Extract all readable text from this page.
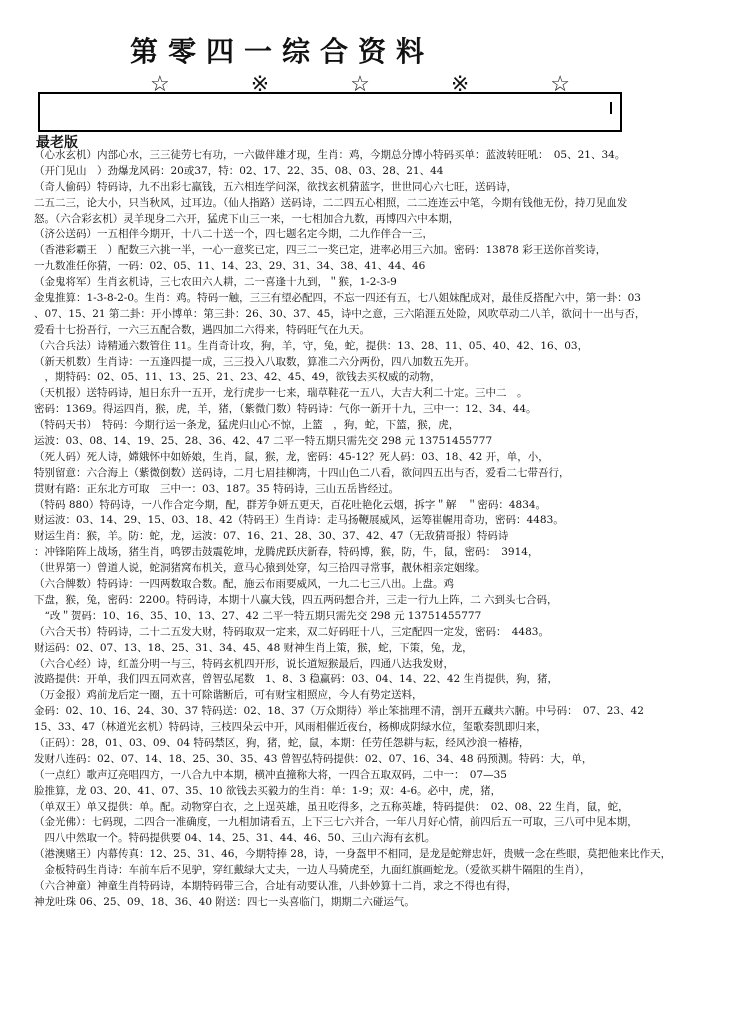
第零四一综合资料
☆	※	☆	※	☆
最老版
（心水玄机）内部心水，三三徒劳七有功，一六做伴雄才现，生肖：鸡，今期总分博小特码买单：蓝波转旺吼：　05、21、34。
（开门见山　）劲爆龙风码：20或37，特：02、17、22、35、08、03、28、21、44
（奇人偷码）特码诗，九不出彩七羸钱，五六相连学问深，欲找玄机猜蓝字，世世同心六七旺，送码诗，
二五二三，论大小，只当秋风，过耳边。（仙人指路）送码诗，二二四五心相照，二二连连云中笔，今期有钱他无份，持刀见血发
怒。（六合彩玄机）灵羊现身二六开，猛虎下山三一来，一七相加合九数，再博四六中本期，
（济公送码）一五相伴今期开，十八二十送一个，四七题名定今期，二九作伴合一三，
（香港彩霸王　）配数三六挑一半，一心一意奖已定，四三二一奖已定，进率必用三六加。密码：13878 彩王送你首奖诗，
一九数准任你猜，一码：02、05、11、14、23、29、31、34、38、41、44、46
（金鬼将军）生肖玄机诗，三七农田六人耕，二一喜逢十九到，＂猴，1-2-3-9
金鬼推算：1-3-8-2-0。生肖：鸡。特码一触，三三有望必配四，不忘一四还有五，七八姐妹配成对，最佳反搭配六中，第一卦：03
、07、15、21 第二卦：开小博单：第三卦：26、30、37、45，诗中之意，三六陷涯五处险，风吹草动二八羊，欲问十一出与否，
爱看十七扮吾行，一六三五配合数，遇四加二六得来，特码旺气在九天。
（六合兵法）诗精通六数管住 11。生肖奇计攻，狗，羊，守，兔，蛇，提供：13、28、11、05、40、42、16、03，
（新天机数）生肖诗：一五逢四提一成，三三投入八取数，算准二六分两份，四八加数五先开。
　，期特码：02、05、11、13、25、21、23、42、45、49，欲钱去买权威的动物，
（天机报）送特码诗，旭日东升一五开，龙行虎步一七来，瑞草鞋花一五八，大吉大利二十定。三中二　。
密码：1369。得运四肖，猴，虎，羊，猪，（紫微门数）特码诗：气你一新开十九，三中一：12、34、44。
（特码天书）　特码：今期行运一条龙，猛虎归山心不惊，上篮　，狗，蛇，下篮，猴，虎，
运波：03、08、14、19、25、28、36、42、47 二平一特五期只需先交 298 元 13751455777
（死人码）死人诗，嫦娥怀中如娇娘，生肖，鼠，猴，龙，密码：45-12？死人码：03、18、42 开，单，小，
特别留意：六合海上（紫微倒数）送码诗，二月七眉挂柳湾，十四山色二八看，欲问四五出与否，爱看二七带吾行，
贯财有路：正东北方可取　三中一：03、187。35 特码诗，三山五岳皆经过。
（特码 880）特码诗，一八作合定今期，配，群芳争妍五更天，百花吐艳化云烟，拆字＂解　＂密码：4834。
财运波：03、14、29、15、03、18、42（特码王）生肖诗：走马扬鞭展威风，运筹崔幄用奇功，密码：4483。
财运生肖：猴，羊。防：蛇，龙，运波：07、16、21、28、30、37、42、47（无敌猜哥报）特码诗
：冲锋陷阵上战场，猪生肖，鸣锣击鼓震乾坤，龙腾虎跃庆新春，特码博，猴，防，牛，鼠，密码：　3914，
（世界第一）曾道人说，蛇洞猪窝布机关，意马心猿到处穿，勾三拾四寻常事，靓休相亲定姻缘。
（六合牌数）特码诗：一四两数取合数。配，施云布雨要威风，一九二七三八出。上盘。鸡
下盘，猴，兔，密码：2200。特码诗，本期十八赢大钱，四五两码想合并，三走一行九上阵，二 六到头七合码，
　“改＂贺码：10、16、35、10、13、27、42 二平一特五期只需先交 298 元 13751455777
（六合天书）特码诗，二十二五发大财，特码取双一定来，双二好码旺十八，三定配四一定发，密码：　4483。
财运码：02、07、13、18、25、31、34、45、48 财神生肖上策，猴，蛇，下策，兔，龙，
（六合心经）诗，红盖分明一与三，特码玄机四开形，说长道短猴最后，四通八达我发财，
波路提供：开单，我们四五同欢喜，曾智弘尾数　1、8、3 稳赢码：03、04、14、22、42 生肖提供，狗，猪，
（万金报）鸡前龙后定一圈，五十可除谐断后，可有财宝相照应，今人有势定送料，
金码：02、10、16、24、30、37 特码送：02、18、37（万众期待）举止笨拙理不清，剖开五藏共六腑。中号码：　07、23、42
15、33、47（林道光玄机）特码诗，三枝四朵云中开，风雨相催近夜台，杨柳成阴绿水位，玺歌奏凯即归来，
（正码）：28，01、03、09、04 特码禁区，狗，猪，蛇，鼠，本期：任劳任怨耕与耘，经风沙浪一椿椿，
发财八连码：02、07、14、18、25、30、35、43 曾智弘特码提供：02、07、16、34、48 码预测。特码：大，单，
（一点红）歌声辽亮唱四方，一八合九中本期，横冲直撞称大将，一四合五取双码，二中一：　07—35
脸推算，龙 03、20、41、07、35、10 欲钱去买毅力的生肖：单：1-9；双：4-6。必中，虎，猪，
（单双王）单又提供：单。配。动物穿白衣，之上逞英雄，虽丑吃得多，之五称英雄，特码提供：　02、08、22 生肖，鼠，蛇，
（金光佛）：七码现，二四合一准确度，一九相加请看五，上下三七六并合，一年八月好心情，前四后五一可取，三八可中见本期，
　四八中然取一个。特码提供要 04、14、25、31、44、46、50、三山六海有玄机。
（港澳赌王）内幕传真：12、25、31、46，今期特捧 28，诗，一身盔甲不相同，是龙是蛇辩忠奸，贵贼一念在些眼，莫把他来比作天，
　金板特码生肖诗：车前车后不见驴，穿红戴绿大丈夫，一边人马骑虎至，九面红旗画蛇龙。（爱欲买耕牛隔阻的生肖），
（六合神童）神童生肖特码诗，本期特码带三合，合址有动要认准，八卦妙算十二肖，求之不得也有得，
神龙吐珠 06、25、09、18、36、40 附送：四七一头喜临门，期期二六碰运气。
